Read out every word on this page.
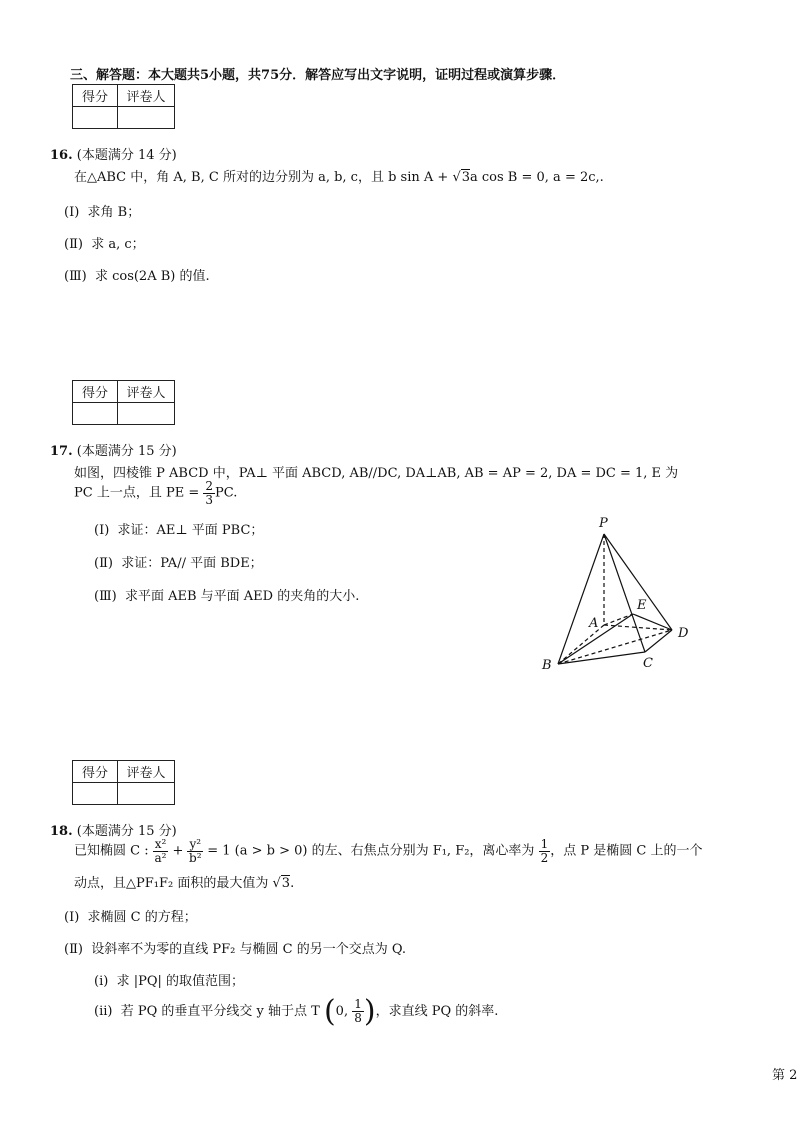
三、解答题：本大题共5小题，共75分．解答应写出文字说明，证明过程或演算步骤．
得分	评卷人

16. (本题满分 14 分)
在△ABC 中，角 A, B, C 所对的边分别为 a, b, c，且 b sin A + √3a cos B = 0, a = 2c,.
(Ⅰ) 求角 B；
(Ⅱ) 求 a, c；
(Ⅲ) 求 cos(2A B) 的值.
得分	评卷人

17. (本题满分 15 分)
如图，四棱锥 P ABCD 中，PA⊥ 平面 ABCD, AB//DC, DA⊥AB, AB = AP = 2, DA = DC = 1, E 为
PC 上一点，且 PE = $\frac{2}{3}$ PC.
(Ⅰ) 求证：AE⊥ 平面 PBC；
(Ⅱ) 求证：PA// 平面 BDE；
(Ⅲ) 求平面 AEB 与平面 AED 的夹角的大小.
P
A
B	C
D
E
得分	评卷人

18. (本题满分 15 分)
已知椭圆 C : $\frac{\text{x²}}{\text{a²}} + \frac{\text{y²}}{\text{b²}} = 1$ (a > b > 0) 的左、右焦点分别为 F₁, F₂，离心率为 $\frac{1}{2}$ ，点 P 是椭圆 C 上的一个
动点，且△PF₁F₂ 面积的最大值为 √3.
(Ⅰ) 求椭圆 C 的方程；
(Ⅱ) 设斜率不为零的直线 PF₂ 与椭圆 C 的另一个交点为 Q.
(ⅰ) 求 |PQ| 的取值范围；
(ⅱ) 若 PQ 的垂直平分线交 y 轴于点 T (0, $\frac{1}{8}$ )，求直线 PQ 的斜率.
第 2
